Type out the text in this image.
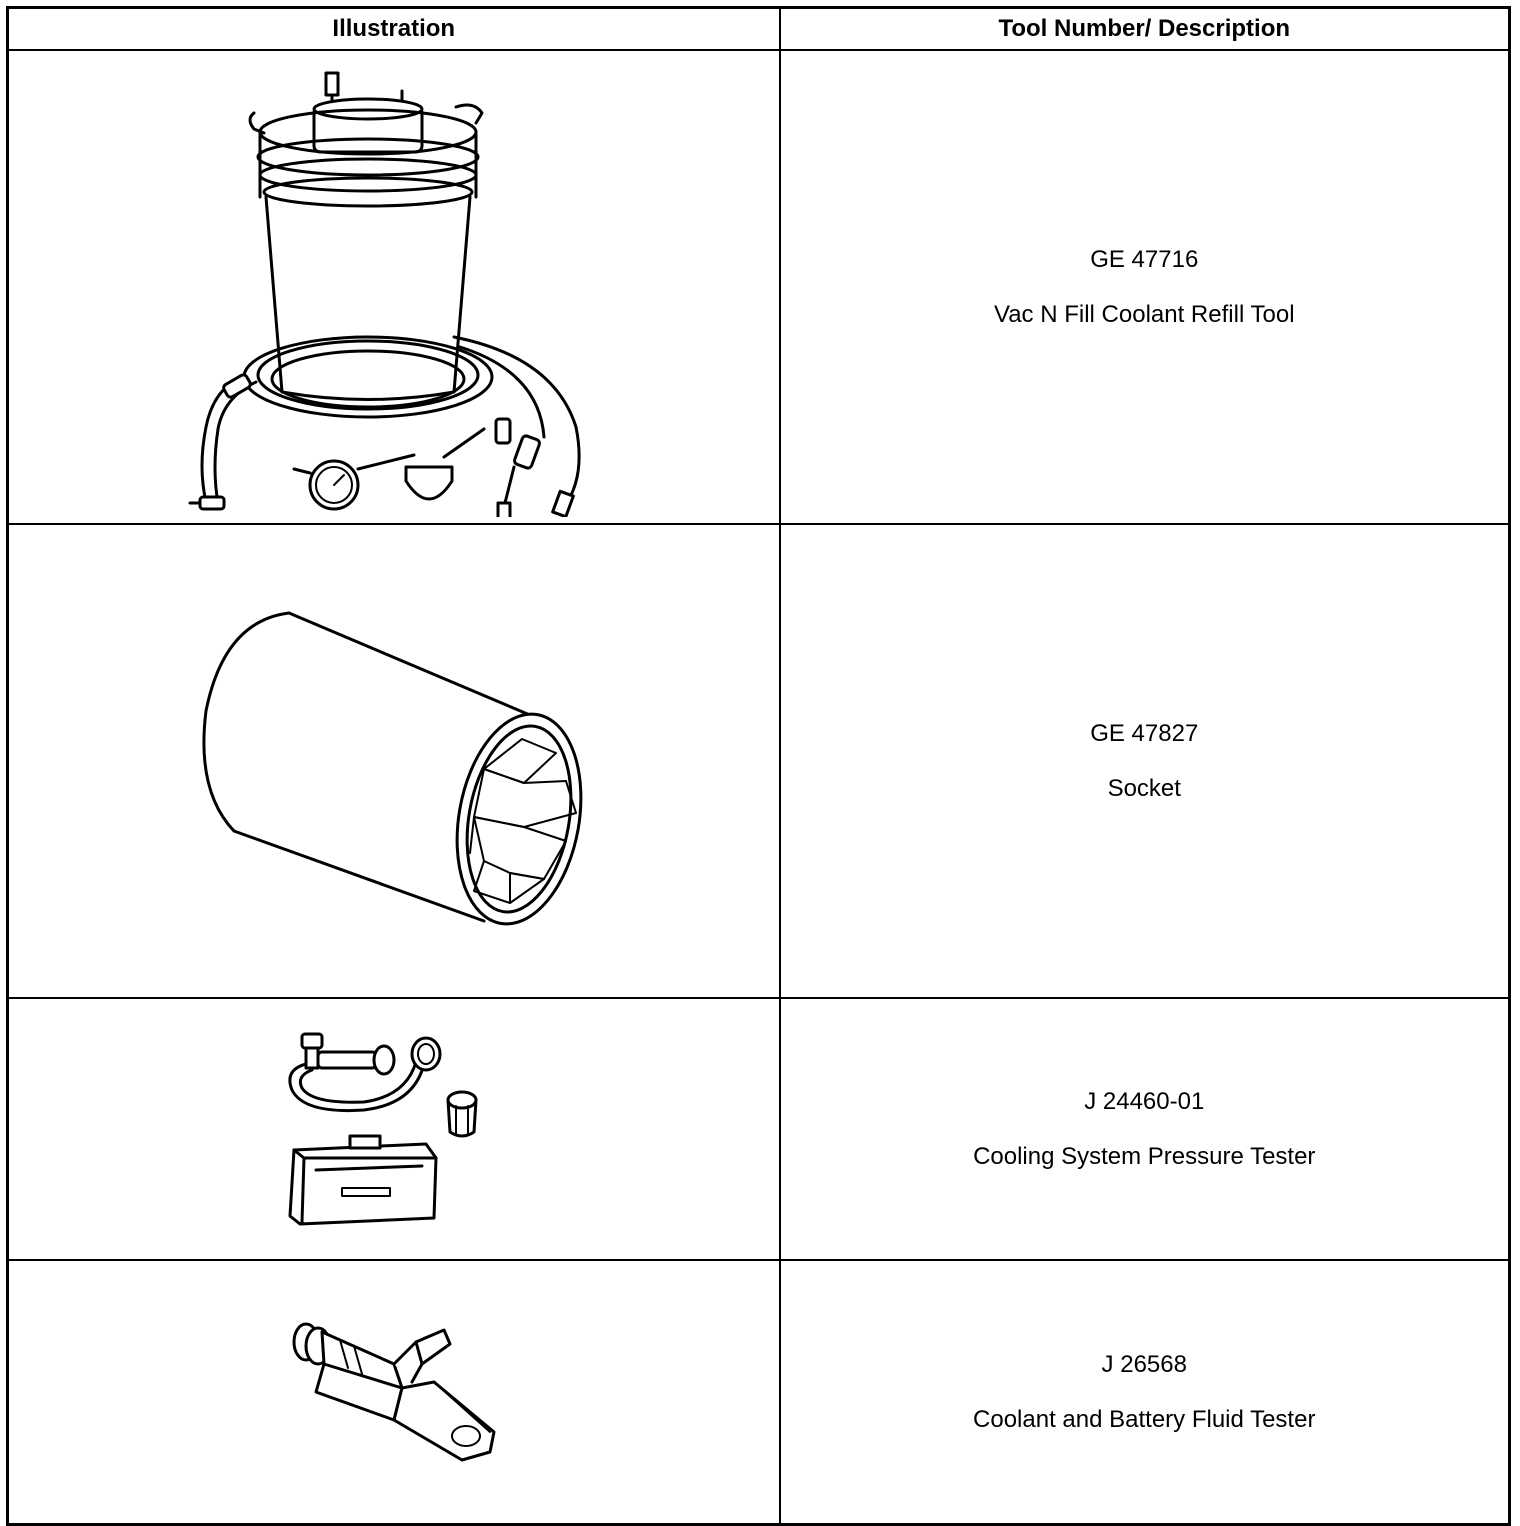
Illustration	Tool Number/ Description

GE 47716
Vac N Fill Coolant Refill Tool

GE 47827
Socket

J 24460-01
Cooling System Pressure Tester

J 26568
Coolant and Battery Fluid Tester
